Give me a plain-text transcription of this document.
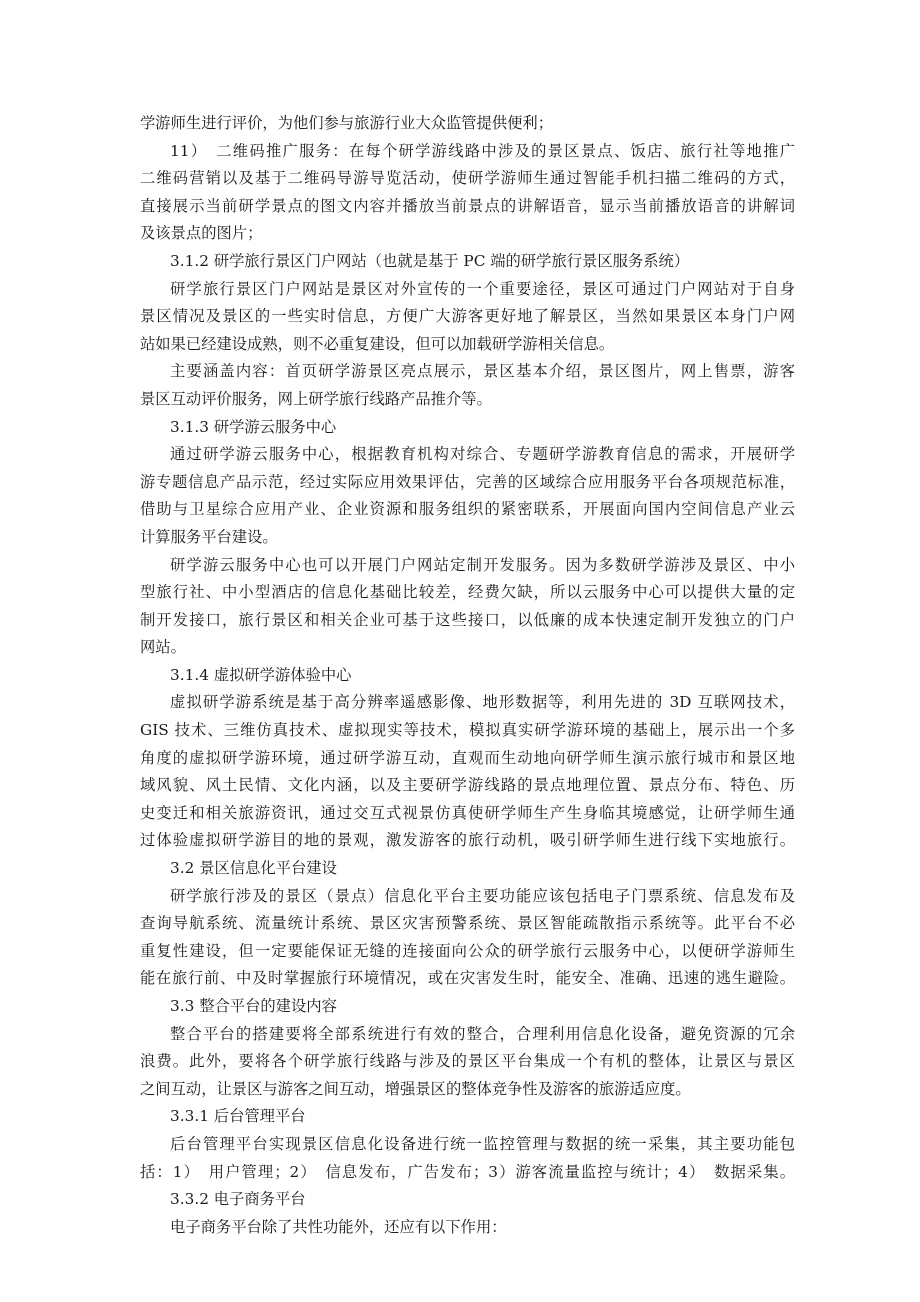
学游师生进行评价，为他们参与旅游行业大众监管提供便利；
11）　二维码推广服务：在每个研学游线路中涉及的景区景点、饭店、旅行社等地推广
二维码营销以及基于二维码导游导览活动，使研学游师生通过智能手机扫描二维码的方式，
直接展示当前研学景点的图文内容并播放当前景点的讲解语音，显示当前播放语音的讲解词
及该景点的图片；
3.1.2 研学旅行景区门户网站（也就是基于 PC 端的研学旅行景区服务系统）
研学旅行景区门户网站是景区对外宣传的一个重要途径，景区可通过门户网站对于自身
景区情况及景区的一些实时信息，方便广大游客更好地了解景区，当然如果景区本身门户网
站如果已经建设成熟，则不必重复建设，但可以加载研学游相关信息。
主要涵盖内容：首页研学游景区亮点展示，景区基本介绍，景区图片，网上售票，游客
景区互动评价服务，网上研学旅行线路产品推介等。
3.1.3 研学游云服务中心
通过研学游云服务中心，根据教育机构对综合、专题研学游教育信息的需求，开展研学
游专题信息产品示范，经过实际应用效果评估，完善的区域综合应用服务平台各项规范标准，
借助与卫星综合应用产业、企业资源和服务组织的紧密联系，开展面向国内空间信息产业云
计算服务平台建设。
研学游云服务中心也可以开展门户网站定制开发服务。因为多数研学游涉及景区、中小
型旅行社、中小型酒店的信息化基础比较差，经费欠缺，所以云服务中心可以提供大量的定
制开发接口，旅行景区和相关企业可基于这些接口，以低廉的成本快速定制开发独立的门户
网站。
3.1.4 虚拟研学游体验中心
虚拟研学游系统是基于高分辨率遥感影像、地形数据等，利用先进的 3D 互联网技术，
GIS 技术、三维仿真技术、虚拟现实等技术，模拟真实研学游环境的基础上，展示出一个多
角度的虚拟研学游环境，通过研学游互动，直观而生动地向研学师生演示旅行城市和景区地
域风貌、风土民情、文化内涵，以及主要研学游线路的景点地理位置、景点分布、特色、历
史变迁和相关旅游资讯，通过交互式视景仿真使研学师生产生身临其境感觉，让研学师生通
过体验虚拟研学游目的地的景观，激发游客的旅行动机，吸引研学师生进行线下实地旅行。
3.2 景区信息化平台建设
研学旅行涉及的景区（景点）信息化平台主要功能应该包括电子门票系统、信息发布及
查询导航系统、流量统计系统、景区灾害预警系统、景区智能疏散指示系统等。此平台不必
重复性建设，但一定要能保证无缝的连接面向公众的研学旅行云服务中心，以便研学游师生
能在旅行前、中及时掌握旅行环境情况，或在灾害发生时，能安全、准确、迅速的逃生避险。
3.3 整合平台的建设内容
整合平台的搭建要将全部系统进行有效的整合，合理利用信息化设备，避免资源的冗余
浪费。此外，要将各个研学旅行线路与涉及的景区平台集成一个有机的整体，让景区与景区
之间互动，让景区与游客之间互动，增强景区的整体竞争性及游客的旅游适应度。
3.3.1 后台管理平台
后台管理平台实现景区信息化设备进行统一监控管理与数据的统一采集，其主要功能包
括：1）　用户管理；2）　信息发布，广告发布；3）游客流量监控与统计；4）　数据采集。
3.3.2 电子商务平台
电子商务平台除了共性功能外，还应有以下作用：
